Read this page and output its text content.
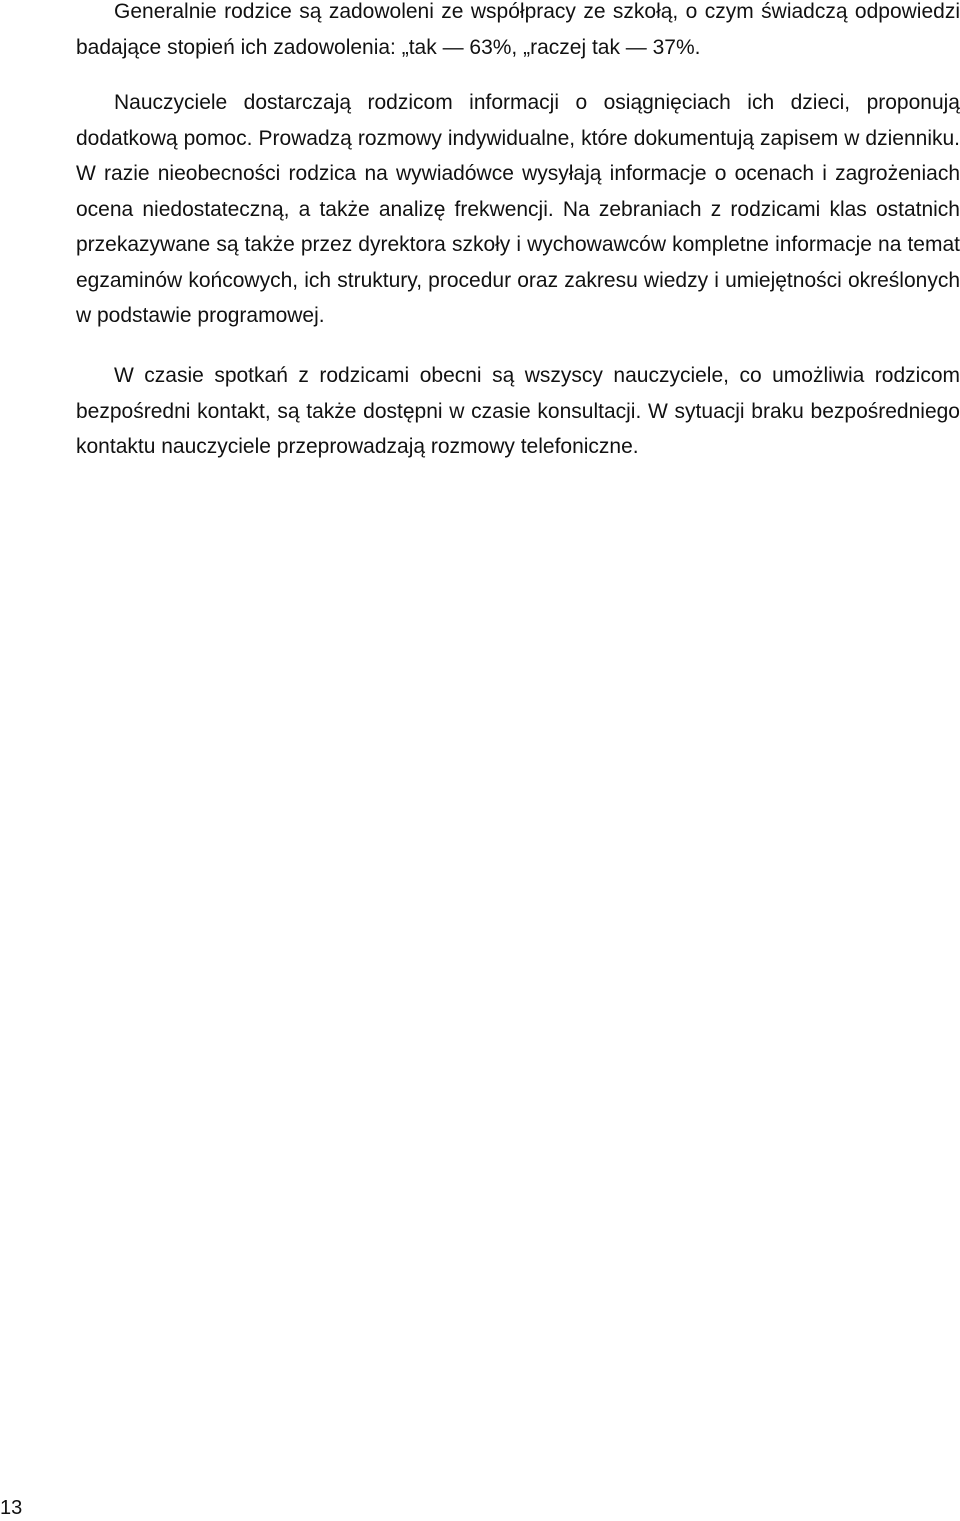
Generalnie rodzice są zadowoleni ze współpracy ze szkołą, o czym świadczą odpowiedzi badające stopień ich zadowolenia: „tak — 63%, „raczej tak — 37%.

Nauczyciele dostarczają rodzicom informacji o osiągnięciach ich dzieci, proponują dodatkową pomoc. Prowadzą rozmowy indywidualne, które dokumentują zapisem w dzienniku. W razie nieobecności rodzica na wywiadówce wysyłają informacje o ocenach i zagrożeniach ocena niedostateczną, a także analizę frekwencji. Na zebraniach z rodzicami klas ostatnich przekazywane są także przez dyrektora szkoły i wychowawców kompletne informacje na temat egzaminów końcowych, ich struktury, procedur oraz zakresu wiedzy i umiejętności określonych w podstawie programowej.

W czasie spotkań z rodzicami obecni są wszyscy nauczyciele, co umożliwia rodzicom bezpośredni kontakt, są także dostępni w czasie konsultacji. W sytuacji braku bezpośredniego kontaktu nauczyciele przeprowadzają rozmowy telefoniczne.

13
